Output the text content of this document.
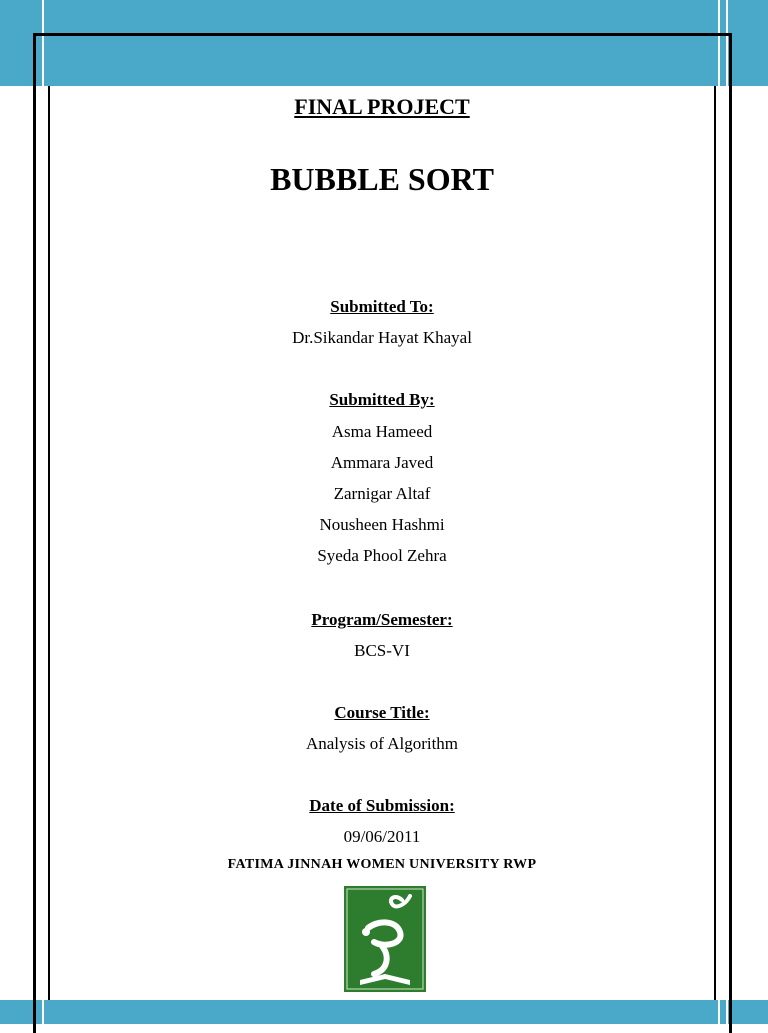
FINAL PROJECT
BUBBLE SORT
Submitted To:
Dr.Sikandar Hayat Khayal
Submitted By:
Asma Hameed
Ammara Javed
Zarnigar Altaf
Nousheen Hashmi
Syeda Phool Zehra
Program/Semester:
BCS-VI
Course Title:
Analysis of Algorithm
Date of Submission:
09/06/2011
FATIMA JINNAH WOMEN UNIVERSITY RWP
